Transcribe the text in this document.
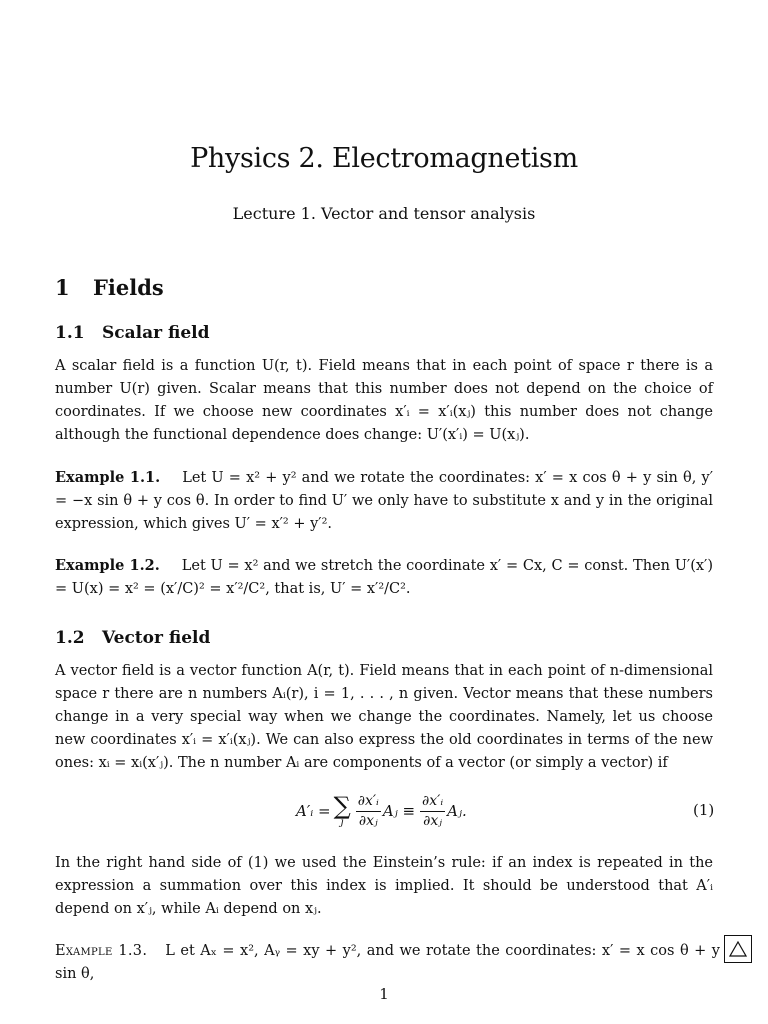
Physics 2. Electromagnetism
Lecture 1. Vector and tensor analysis
1 Fields
1.1 Scalar field
A scalar field is a function U(r, t). Field means that in each point of space r there is a number U(r) given. Scalar means that this number does not depend on the choice of coordinates. If we choose new coordinates x′ᵢ = x′ᵢ(xⱼ) this number does not change although the functional dependence does change: U′(x′ᵢ) = U(xⱼ).
Example 1.1. Let U = x² + y² and we rotate the coordinates: x′ = x cos θ + y sin θ, y′ = −x sin θ + y cos θ. In order to find U′ we only have to substitute x and y in the original expression, which gives U′ = x′² + y′².
Example 1.2. Let U = x² and we stretch the coordinate x′ = Cx, C = const. Then U′(x′) = U(x) = x² = (x′/C)² = x′²/C², that is, U′ = x′²/C².
1.2 Vector field
A vector field is a vector function A(r, t). Field means that in each point of n-dimensional space r there are n numbers Aᵢ(r), i = 1, . . . , n given. Vector means that these numbers change in a very special way when we change the coordinates. Namely, let us choose new coordinates x′ᵢ = x′ᵢ(xⱼ). We can also express the old coordinates in terms of the new ones: xᵢ = xᵢ(x′ⱼ). The n number Aᵢ are components of a vector (or simply a vector) if
A′ᵢ = ∑
j $\frac{\text{∂x′ᵢ}}{\text{∂xⱼ}}$ Aⱼ ≡ $\frac{\text{∂x′ᵢ}}{\text{∂xⱼ}}$ Aⱼ.	(1)
In the right hand side of (1) we used the Einstein’s rule: if an index is repeated in the expression a summation over this index is implied. It should be understood that A′ᵢ depend on x′ⱼ, while Aᵢ depend on xⱼ.
Example 1.3. L et Aₓ = x², Aᵧ = xy + y², and we rotate the coordinates: x′ = x cos θ + y sin θ,
1
